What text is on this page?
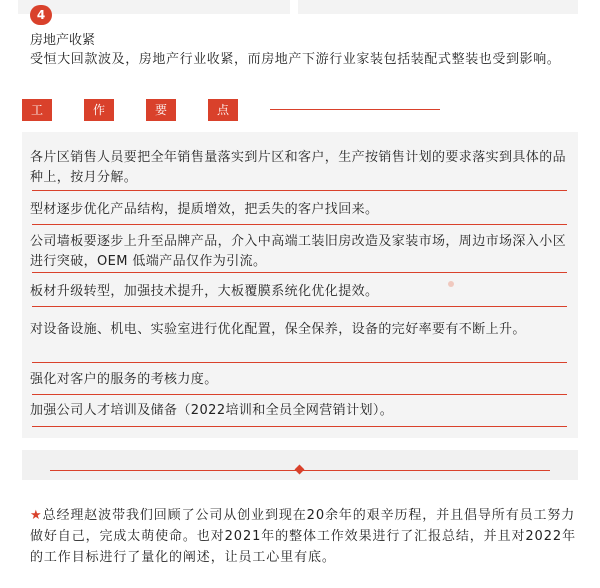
4
房地产收紧
受恒大回款波及，房地产行业收紧，而房地产下游行业家装包括装配式整装也受到影响。
工	作	要	点
各片区销售人员要把全年销售量落实到片区和客户，生产按销售计划的要求落实到具体的品种上，按月分解。
型材逐步优化产品结构，提质增效，把丢失的客户找回来。
公司墙板要逐步上升至品牌产品，介入中高端工装旧房改造及家装市场，周边市场深入小区进行突破，OEM 低端产品仅作为引流。
板材升级转型，加强技术提升，大板覆膜系统化优化提效。
对设备设施、机电、实验室进行优化配置，保全保养，设备的完好率要有不断上升。
强化对客户的服务的考核力度。
加强公司人才培训及储备（2022培训和全员全网营销计划）。
★总经理赵波带我们回顾了公司从创业到现在20余年的艰辛历程，并且倡导所有员工努力做好自己，完成太萌使命。也对2021年的整体工作效果进行了汇报总结，并且对2022年的工作目标进行了量化的阐述，让员工心里有底。
